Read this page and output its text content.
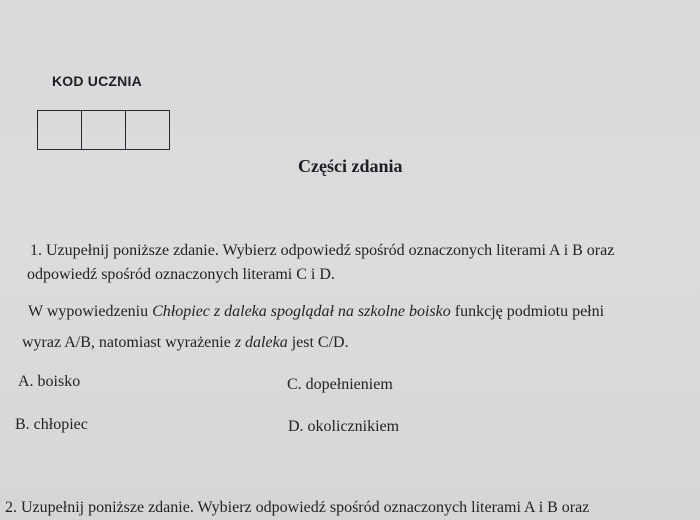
KOD UCZNIA
Części zdania
1. Uzupełnij poniższe zdanie. Wybierz odpowiedź spośród oznaczonych literami A i B oraz
odpowiedź spośród oznaczonych literami C i D.
W wypowiedzeniu Chłopiec z daleka spoglądał na szkolne boisko funkcję podmiotu pełni
wyraz A/B, natomiast wyrażenie z daleka jest C/D.
A. boisko	C. dopełnieniem
B. chłopiec	D. okolicznikiem
2. Uzupełnij poniższe zdanie. Wybierz odpowiedź spośród oznaczonych literami A i B oraz
